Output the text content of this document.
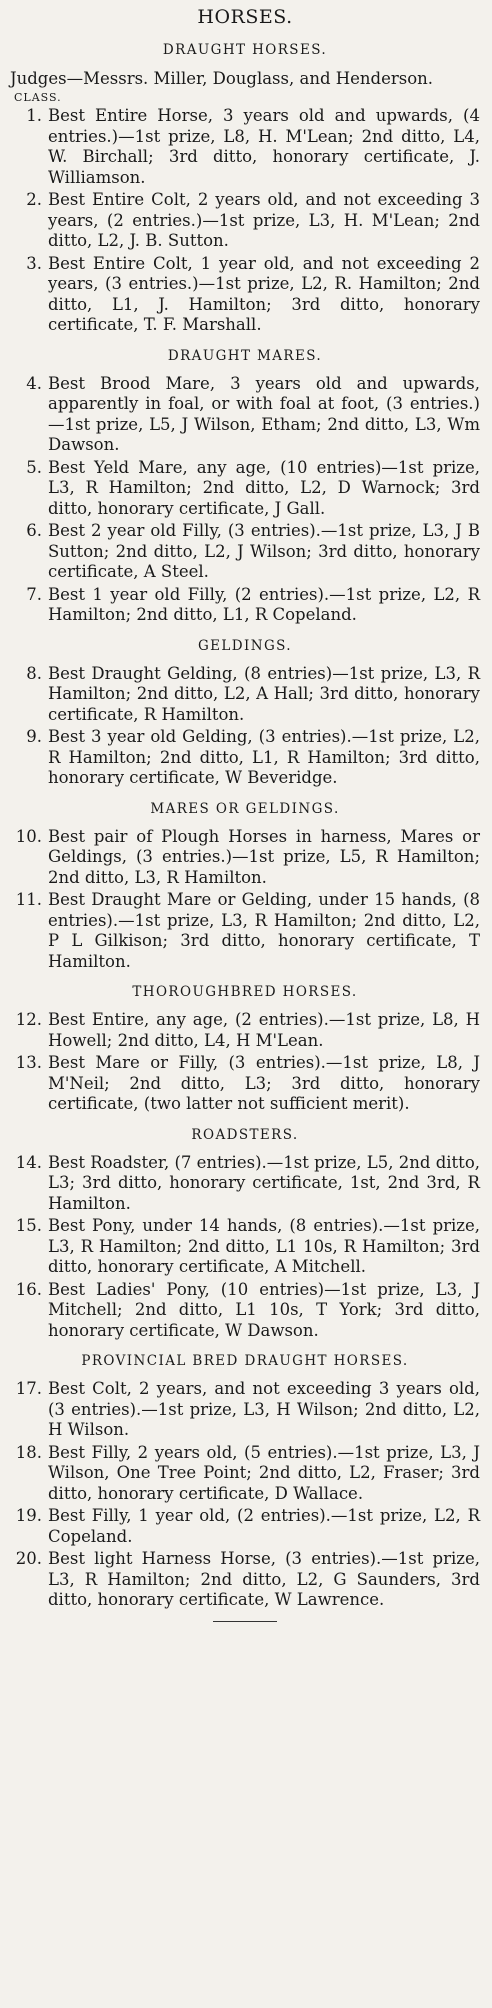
HORSES.
DRAUGHT HORSES.
Judges—Messrs. Miller, Douglass, and Henderson.
CLASS.
1. Best Entire Horse, 3 years old and upwards, (4 entries.)—1st prize, L8, H. M'Lean; 2nd ditto, L4, W. Birchall; 3rd ditto, honorary certificate, J. Williamson.
2. Best Entire Colt, 2 years old, and not exceeding 3 years, (2 entries.)—1st prize, L3, H. M'Lean; 2nd ditto, L2, J. B. Sutton.
3. Best Entire Colt, 1 year old, and not exceeding 2 years, (3 entries.)—1st prize, L2, R. Hamilton; 2nd ditto, L1, J. Hamilton; 3rd ditto, honorary certificate, T. F. Marshall.
DRAUGHT MARES.
4. Best Brood Mare, 3 years old and upwards, apparently in foal, or with foal at foot, (3 entries.)—1st prize, L5, J Wilson, Etham; 2nd ditto, L3, Wm Dawson.
5. Best Yeld Mare, any age, (10 entries)—1st prize, L3, R Hamilton; 2nd ditto, L2, D Warnock; 3rd ditto, honorary certificate, J Gall.
6. Best 2 year old Filly, (3 entries).—1st prize, L3, J B Sutton; 2nd ditto, L2, J Wilson; 3rd ditto, honorary certificate, A Steel.
7. Best 1 year old Filly, (2 entries).—1st prize, L2, R Hamilton; 2nd ditto, L1, R Copeland.
GELDINGS.
8. Best Draught Gelding, (8 entries)—1st prize, L3, R Hamilton; 2nd ditto, L2, A Hall; 3rd ditto, honorary certificate, R Hamilton.
9. Best 3 year old Gelding, (3 entries).—1st prize, L2, R Hamilton; 2nd ditto, L1, R Hamilton; 3rd ditto, honorary certificate, W Beveridge.
MARES OR GELDINGS.
10. Best pair of Plough Horses in harness, Mares or Geldings, (3 entries.)—1st prize, L5, R Hamilton; 2nd ditto, L3, R Hamilton.
11. Best Draught Mare or Gelding, under 15 hands, (8 entries).—1st prize, L3, R Hamilton; 2nd ditto, L2, P L Gilkison; 3rd ditto, honorary certificate, T Hamilton.
THOROUGHBRED HORSES.
12. Best Entire, any age, (2 entries).—1st prize, L8, H Howell; 2nd ditto, L4, H M'Lean.
13. Best Mare or Filly, (3 entries).—1st prize, L8, J M'Neil; 2nd ditto, L3; 3rd ditto, honorary certificate, (two latter not sufficient merit).
ROADSTERS.
14. Best Roadster, (7 entries).—1st prize, L5, 2nd ditto, L3; 3rd ditto, honorary certificate, 1st, 2nd 3rd, R Hamilton.
15. Best Pony, under 14 hands, (8 entries).—1st prize, L3, R Hamilton; 2nd ditto, L1 10s, R Hamilton; 3rd ditto, honorary certificate, A Mitchell.
16. Best Ladies' Pony, (10 entries)—1st prize, L3, J Mitchell; 2nd ditto, L1 10s, T York; 3rd ditto, honorary certificate, W Dawson.
PROVINCIAL BRED DRAUGHT HORSES.
17. Best Colt, 2 years, and not exceeding 3 years old, (3 entries).—1st prize, L3, H Wilson; 2nd ditto, L2, H Wilson.
18. Best Filly, 2 years old, (5 entries).—1st prize, L3, J Wilson, One Tree Point; 2nd ditto, L2, Fraser; 3rd ditto, honorary certificate, D Wallace.
19. Best Filly, 1 year old, (2 entries).—1st prize, L2, R Copeland.
20. Best light Harness Horse, (3 entries).—1st prize, L3, R Hamilton; 2nd ditto, L2, G Saunders, 3rd ditto, honorary certificate, W Lawrence.
